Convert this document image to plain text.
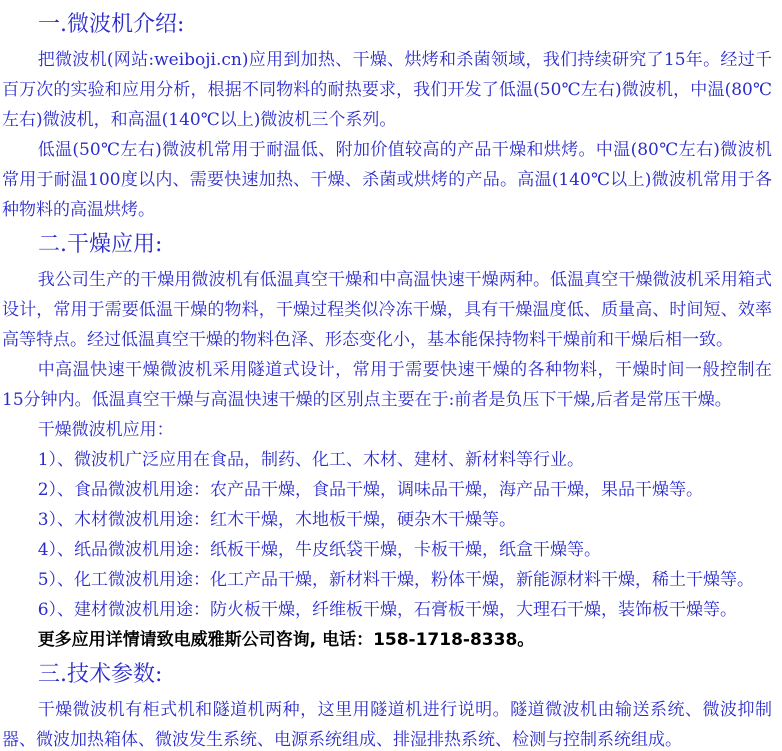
一.微波机介绍:

把微波机(网站:weiboji.cn)应用到加热、干燥、烘烤和杀菌领域，我们持续研究了15年。经过千百万次的实验和应用分析，根据不同物料的耐热要求，我们开发了低温(50℃左右)微波机，中温(80℃左右)微波机，和高温(140℃以上)微波机三个系列。

低温(50℃左右)微波机常用于耐温低、附加价值较高的产品干燥和烘烤。中温(80℃左右)微波机常用于耐温100度以内、需要快速加热、干燥、杀菌或烘烤的产品。高温(140℃以上)微波机常用于各种物料的高温烘烤。

二.干燥应用:

我公司生产的干燥用微波机有低温真空干燥和中高温快速干燥两种。低温真空干燥微波机采用箱式设计，常用于需要低温干燥的物料，干燥过程类似冷冻干燥，具有干燥温度低、质量高、时间短、效率高等特点。经过低温真空干燥的物料色泽、形态变化小，基本能保持物料干燥前和干燥后相一致。

中高温快速干燥微波机采用隧道式设计，常用于需要快速干燥的各种物料，干燥时间一般控制在15分钟内。低温真空干燥与高温快速干燥的区别点主要在于:前者是负压下干燥,后者是常压干燥。

干燥微波机应用：

1）、微波机广泛应用在食品，制药、化工、木材、建材、新材料等行业。

2）、食品微波机用途：农产品干燥，食品干燥，调味品干燥，海产品干燥，果品干燥等。

3）、木材微波机用途：红木干燥，木地板干燥，硬杂木干燥等。

4）、纸品微波机用途：纸板干燥，牛皮纸袋干燥，卡板干燥，纸盒干燥等。

5）、化工微波机用途：化工产品干燥，新材料干燥，粉体干燥，新能源材料干燥，稀土干燥等。

6）、建材微波机用途：防火板干燥，纤维板干燥，石膏板干燥，大理石干燥，装饰板干燥等。

更多应用详情请致电威雅斯公司咨询, 电话：158-1718-8338。

三.技术参数:

干燥微波机有柜式机和隧道机两种，这里用隧道机进行说明。隧道微波机由输送系统、微波抑制器、微波加热箱体、微波发生系统、电源系统组成、排湿排热系统、检测与控制系统组成。
